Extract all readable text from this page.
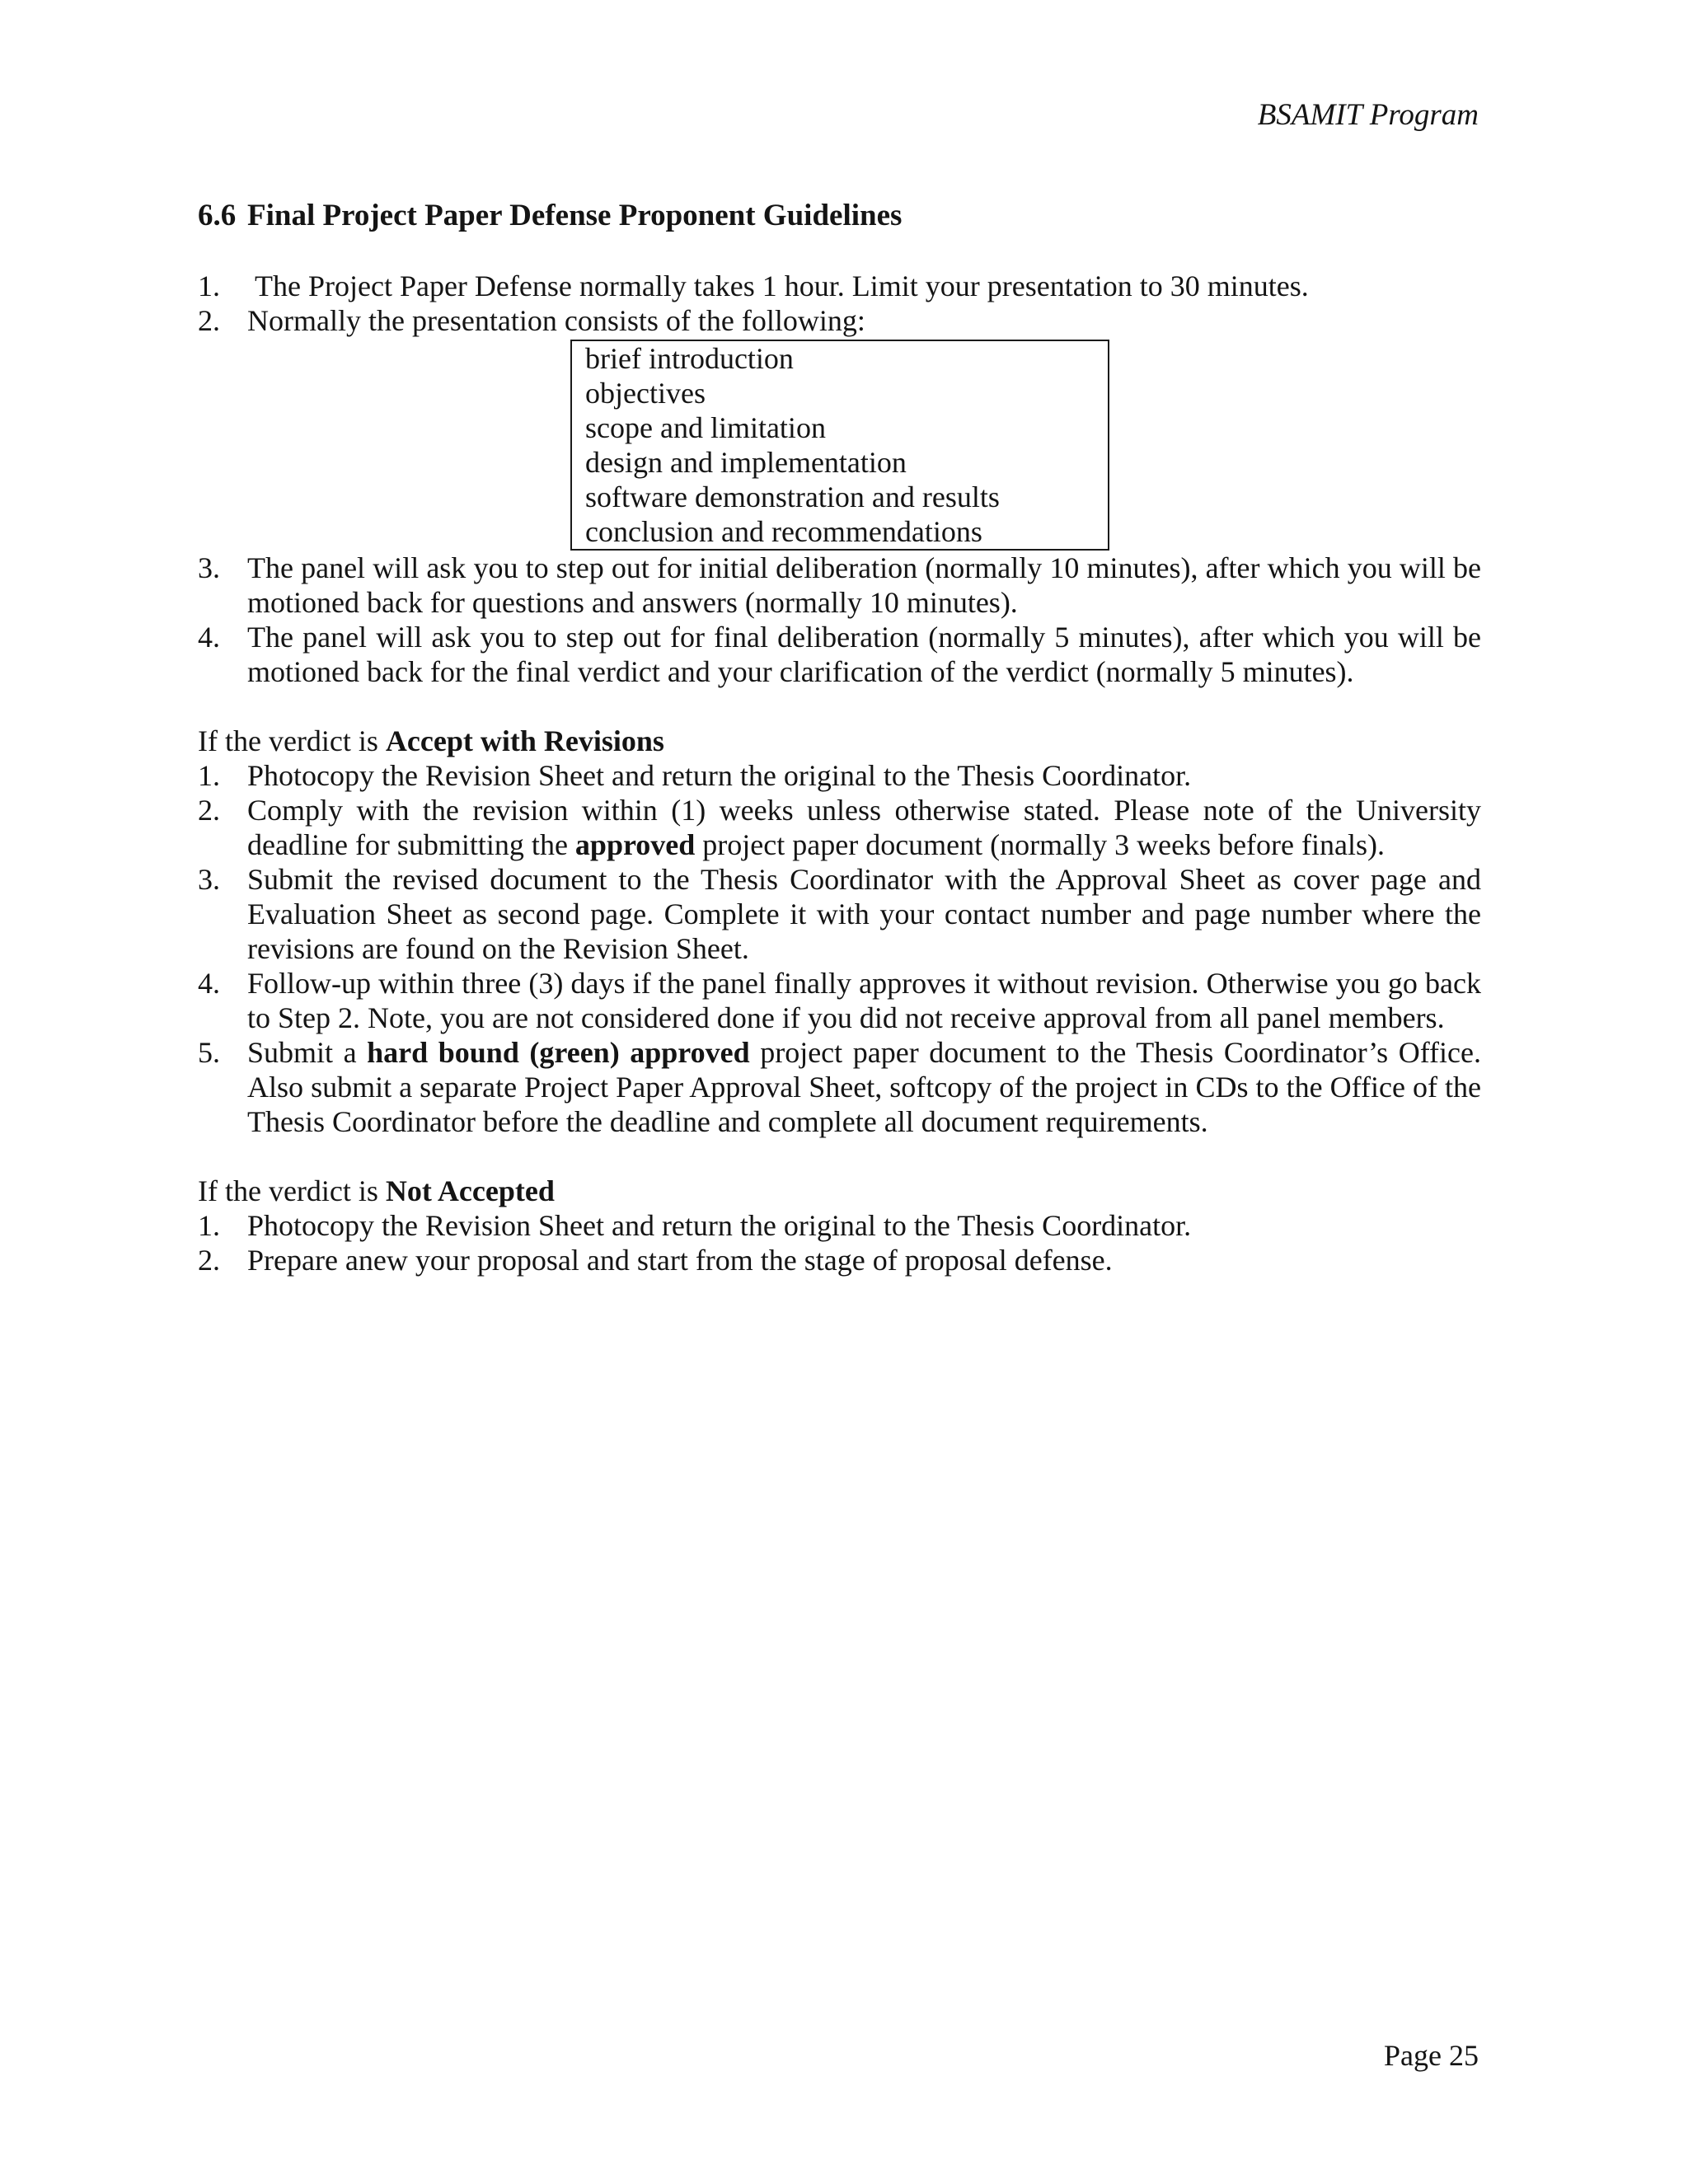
BSAMIT Program
6.6 Final Project Paper Defense Proponent Guidelines
1. The Project Paper Defense normally takes 1 hour. Limit your presentation to 30 minutes.
2. Normally the presentation consists of the following:
brief introduction
objectives
scope and limitation
design and implementation
software demonstration and results
conclusion and recommendations
3. The panel will ask you to step out for initial deliberation (normally 10 minutes), after which you will be motioned back for questions and answers (normally 10 minutes).
4. The panel will ask you to step out for final deliberation (normally 5 minutes), after which you will be motioned back for the final verdict and your clarification of the verdict (normally 5 minutes).
If the verdict is Accept with Revisions
1. Photocopy the Revision Sheet and return the original to the Thesis Coordinator.
2. Comply with the revision within (1) weeks unless otherwise stated. Please note of the University deadline for submitting the approved project paper document (normally 3 weeks before finals).
3. Submit the revised document to the Thesis Coordinator with the Approval Sheet as cover page and Evaluation Sheet as second page. Complete it with your contact number and page number where the revisions are found on the Revision Sheet.
4. Follow-up within three (3) days if the panel finally approves it without revision. Otherwise you go back to Step 2. Note, you are not considered done if you did not receive approval from all panel members.
5. Submit a hard bound (green) approved project paper document to the Thesis Coordinator’s Office. Also submit a separate Project Paper Approval Sheet, softcopy of the project in CDs to the Office of the Thesis Coordinator before the deadline and complete all document requirements.
If the verdict is Not Accepted
1. Photocopy the Revision Sheet and return the original to the Thesis Coordinator.
2. Prepare anew your proposal and start from the stage of proposal defense.
Page 25
